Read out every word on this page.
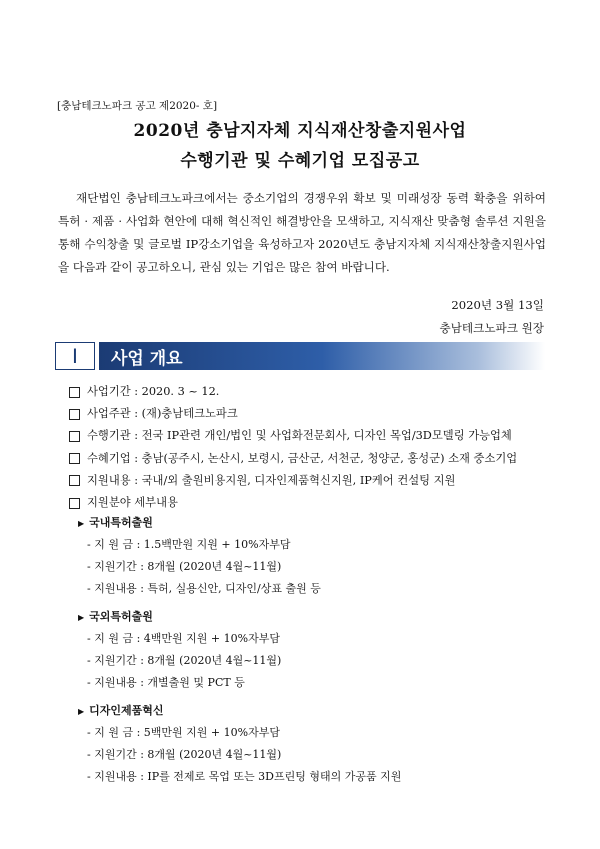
[충남테크노파크 공고 제2020- 호]
2020년 충남지자체 지식재산창출지원사업
수행기관 및 수혜기업 모집공고

재단법인 충남테크노파크에서는 중소기업의 경쟁우위 확보 및 미래성장 동력 확충을 위하여 특허 · 제품 · 사업화 현안에 대해 혁신적인 해결방안을 모색하고, 지식재산 맞춤형 솔루션 지원을 통해 수익창출 및 글로벌 IP강소기업을 육성하고자 2020년도 충남지자체 지식재산창출지원사업을 다음과 같이 공고하오니, 관심 있는 기업은 많은 참여 바랍니다.

2020년 3월 13일
충남테크노파크 원장
Ⅰ	사업 개요
사업기간 : 2020. 3 ~ 12.
사업주관 : (재)충남테크노파크
수행기관 : 전국 IP관련 개인/법인 및 사업화전문회사, 디자인 목업/3D모델링 가능업체
수혜기업 : 충남(공주시, 논산시, 보령시, 금산군, 서천군, 청양군, 홍성군) 소재 중소기업
지원내용 : 국내/외 출원비용지원, 디자인제품혁신지원, IP케어 컨설팅 지원
지원분야 세부내용
▶ 국내특허출원
- 지 원 금 : 1.5백만원 지원 + 10%자부담
- 지원기간 : 8개월 (2020년 4월~11월)
- 지원내용 : 특허, 실용신안, 디자인/상표 출원 등
▶ 국외특허출원
- 지 원 금 : 4백만원 지원 + 10%자부담
- 지원기간 : 8개월 (2020년 4월~11월)
- 지원내용 : 개별출원 및 PCT 등
▶ 디자인제품혁신
- 지 원 금 : 5백만원 지원 + 10%자부담
- 지원기간 : 8개월 (2020년 4월~11월)
- 지원내용 : IP를 전제로 목업 또는 3D프린팅 형태의 가공품 지원
